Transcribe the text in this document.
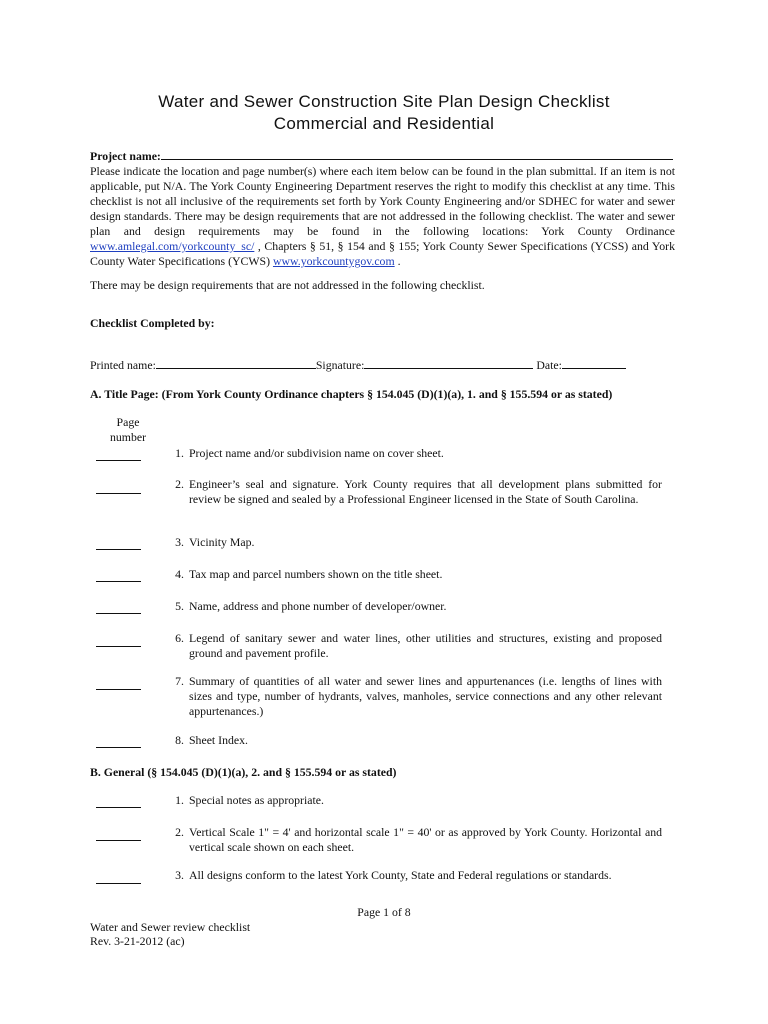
Water and Sewer Construction Site Plan Design Checklist
Commercial and Residential
Project name:
Please indicate the location and page number(s) where each item below can be found in the plan submittal. If an item is not applicable, put N/A. The York County Engineering Department reserves the right to modify this checklist at any time. This checklist is not all inclusive of the requirements set forth by York County Engineering and/or SDHEC for water and sewer design standards. There may be design requirements that are not addressed in the following checklist. The water and sewer plan and design requirements may be found in the following locations: York County Ordinance www.amlegal.com/yorkcounty_sc/ , Chapters § 51, § 154 and § 155; York County Sewer Specifications (YCSS) and York County Water Specifications (YCWS) www.yorkcountygov.com .
There may be design requirements that are not addressed in the following checklist.
Checklist Completed by:
Printed name:	Signature:	Date:
A. Title Page: (From York County Ordinance chapters § 154.045 (D)(1)(a), 1. and § 155.594 or as stated)
Page
number
1. Project name and/or subdivision name on cover sheet.
2. Engineer’s seal and signature. York County requires that all development plans submitted for review be signed and sealed by a Professional Engineer licensed in the State of South Carolina.
3. Vicinity Map.
4. Tax map and parcel numbers shown on the title sheet.
5. Name, address and phone number of developer/owner.
6. Legend of sanitary sewer and water lines, other utilities and structures, existing and proposed ground and pavement profile.
7. Summary of quantities of all water and sewer lines and appurtenances (i.e. lengths of lines with sizes and type, number of hydrants, valves, manholes, service connections and any other relevant appurtenances.)
8. Sheet Index.
B. General (§ 154.045 (D)(1)(a), 2. and § 155.594 or as stated)
1. Special notes as appropriate.
2. Vertical Scale 1" = 4' and horizontal scale 1" = 40' or as approved by York County. Horizontal and vertical scale shown on each sheet.
3. All designs conform to the latest York County, State and Federal regulations or standards.
Page 1 of 8
Water and Sewer review checklist
Rev. 3-21-2012 (ac)
